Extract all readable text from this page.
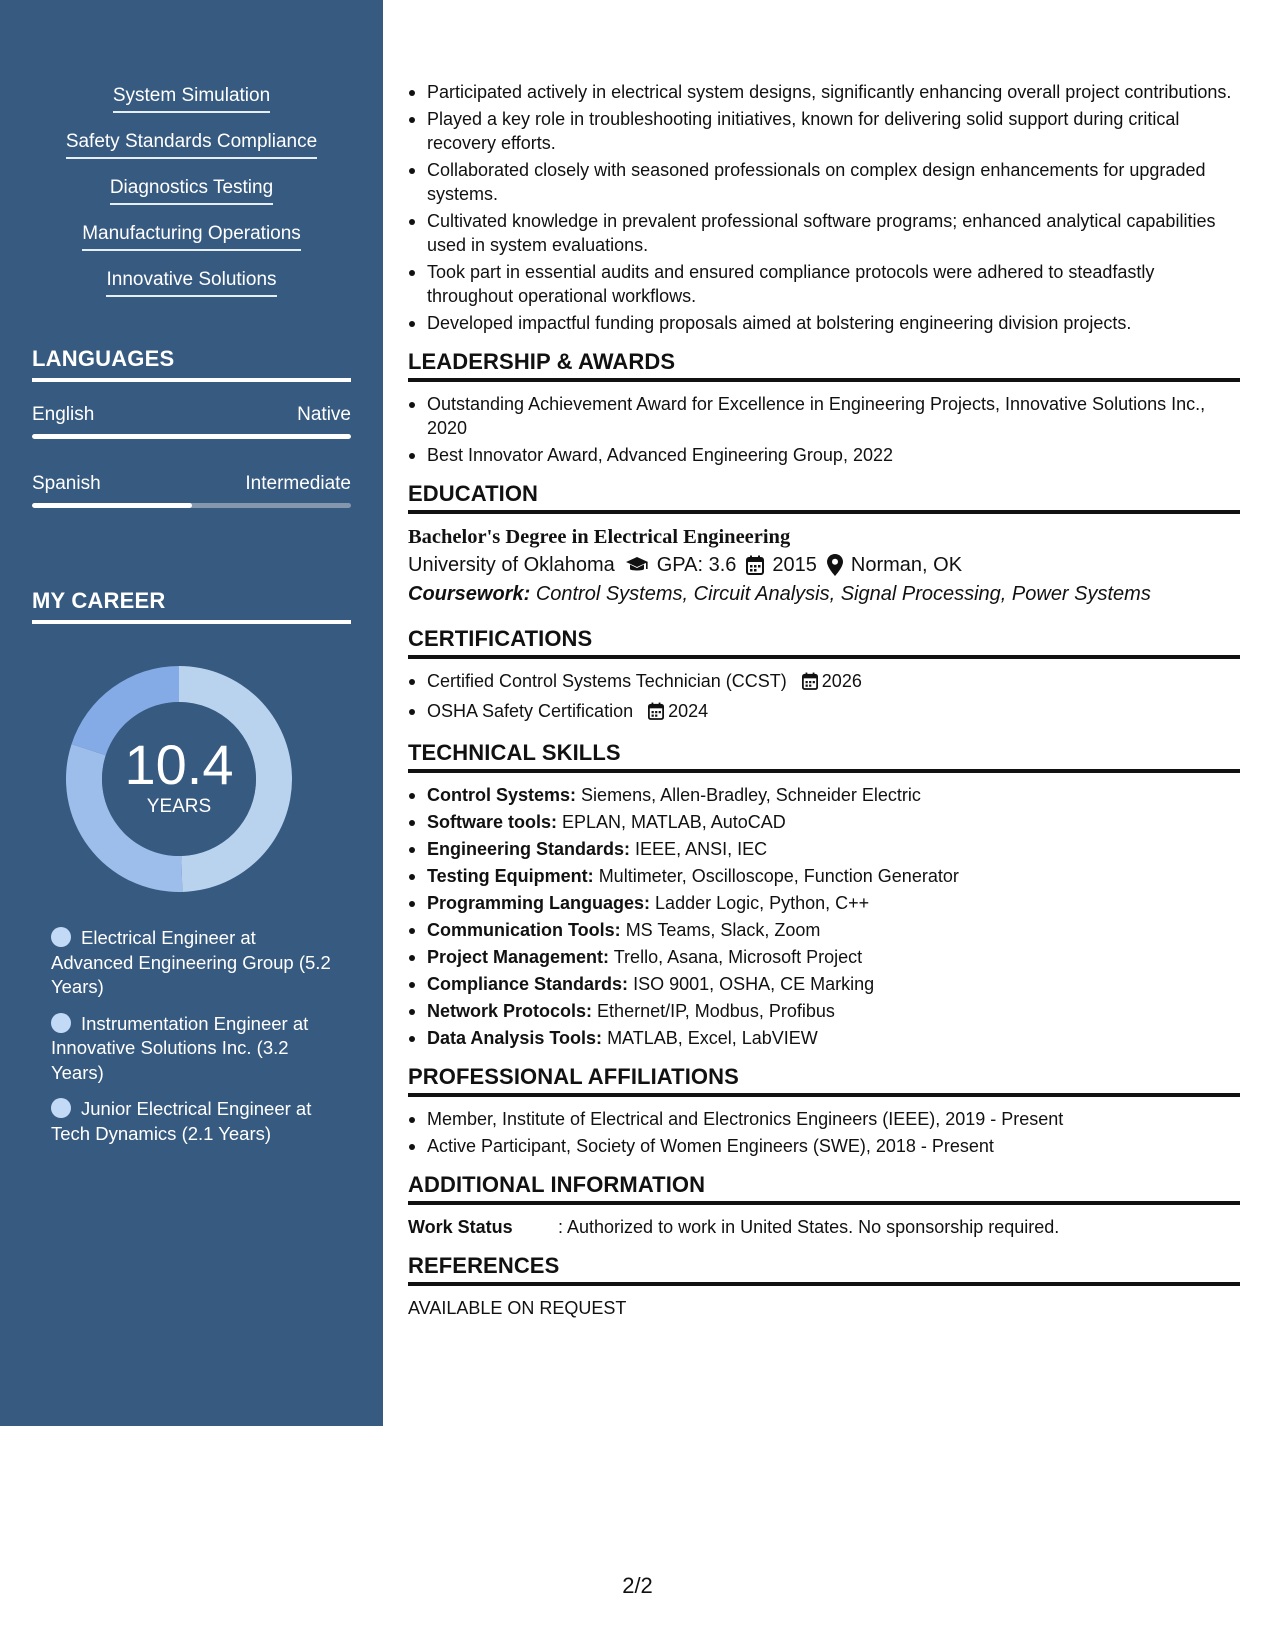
System Simulation
Safety Standards Compliance
Diagnostics Testing
Manufacturing Operations
Innovative Solutions
LANGUAGES
English	Native
Spanish	Intermediate
MY CAREER
10.4
YEARS
Electrical Engineer at Advanced Engineering Group (5.2 Years)
Instrumentation Engineer at Innovative Solutions Inc. (3.2 Years)
Junior Electrical Engineer at Tech Dynamics (2.1 Years)
Participated actively in electrical system designs, significantly enhancing overall project contributions.
Played a key role in troubleshooting initiatives, known for delivering solid support during critical recovery efforts.
Collaborated closely with seasoned professionals on complex design enhancements for upgraded systems.
Cultivated knowledge in prevalent professional software programs; enhanced analytical capabilities used in system evaluations.
Took part in essential audits and ensured compliance protocols were adhered to steadfastly throughout operational workflows.
Developed impactful funding proposals aimed at bolstering engineering division projects.
LEADERSHIP & AWARDS
Outstanding Achievement Award for Excellence in Engineering Projects, Innovative Solutions Inc., 2020
Best Innovator Award, Advanced Engineering Group, 2022
EDUCATION
Bachelor's Degree in Electrical Engineering
University of Oklahoma GPA: 3.6 2015 Norman, OK
Coursework: Control Systems, Circuit Analysis, Signal Processing, Power Systems
CERTIFICATIONS
Certified Control Systems Technician (CCST) 2026
OSHA Safety Certification 2024
TECHNICAL SKILLS
Control Systems: Siemens, Allen-Bradley, Schneider Electric
Software tools: EPLAN, MATLAB, AutoCAD
Engineering Standards: IEEE, ANSI, IEC
Testing Equipment: Multimeter, Oscilloscope, Function Generator
Programming Languages: Ladder Logic, Python, C++
Communication Tools: MS Teams, Slack, Zoom
Project Management: Trello, Asana, Microsoft Project
Compliance Standards: ISO 9001, OSHA, CE Marking
Network Protocols: Ethernet/IP, Modbus, Profibus
Data Analysis Tools: MATLAB, Excel, LabVIEW
PROFESSIONAL AFFILIATIONS
Member, Institute of Electrical and Electronics Engineers (IEEE), 2019 - Present
Active Participant, Society of Women Engineers (SWE), 2018 - Present
ADDITIONAL INFORMATION
Work Status	: Authorized to work in United States. No sponsorship required.
REFERENCES
AVAILABLE ON REQUEST
2/2
